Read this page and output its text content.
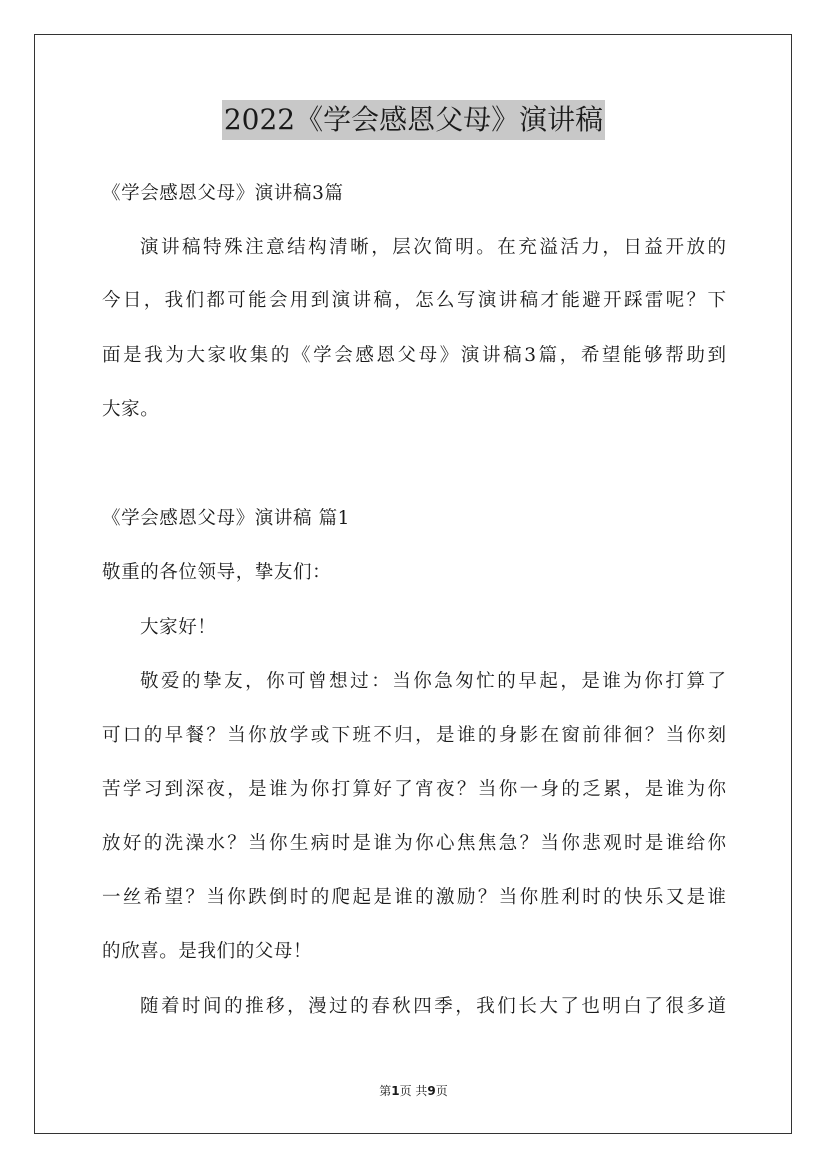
2022《学会感恩父母》演讲稿
《学会感恩父母》演讲稿3篇
演讲稿特殊注意结构清晰，层次简明。在充溢活力，日益开放的
今日，我们都可能会用到演讲稿，怎么写演讲稿才能避开踩雷呢？下
面是我为大家收集的《学会感恩父母》演讲稿3篇，希望能够帮助到
大家。
《学会感恩父母》演讲稿 篇1
敬重的各位领导，挚友们：
大家好！
敬爱的挚友，你可曾想过：当你急匆忙的早起，是谁为你打算了
可口的早餐？当你放学或下班不归，是谁的身影在窗前徘徊？当你刻
苦学习到深夜，是谁为你打算好了宵夜？当你一身的乏累，是谁为你
放好的洗澡水？当你生病时是谁为你心焦焦急？当你悲观时是谁给你
一丝希望？当你跌倒时的爬起是谁的激励？当你胜利时的快乐又是谁
的欣喜。是我们的父母！
随着时间的推移，漫过的春秋四季，我们长大了也明白了很多道
第1页 共9页
